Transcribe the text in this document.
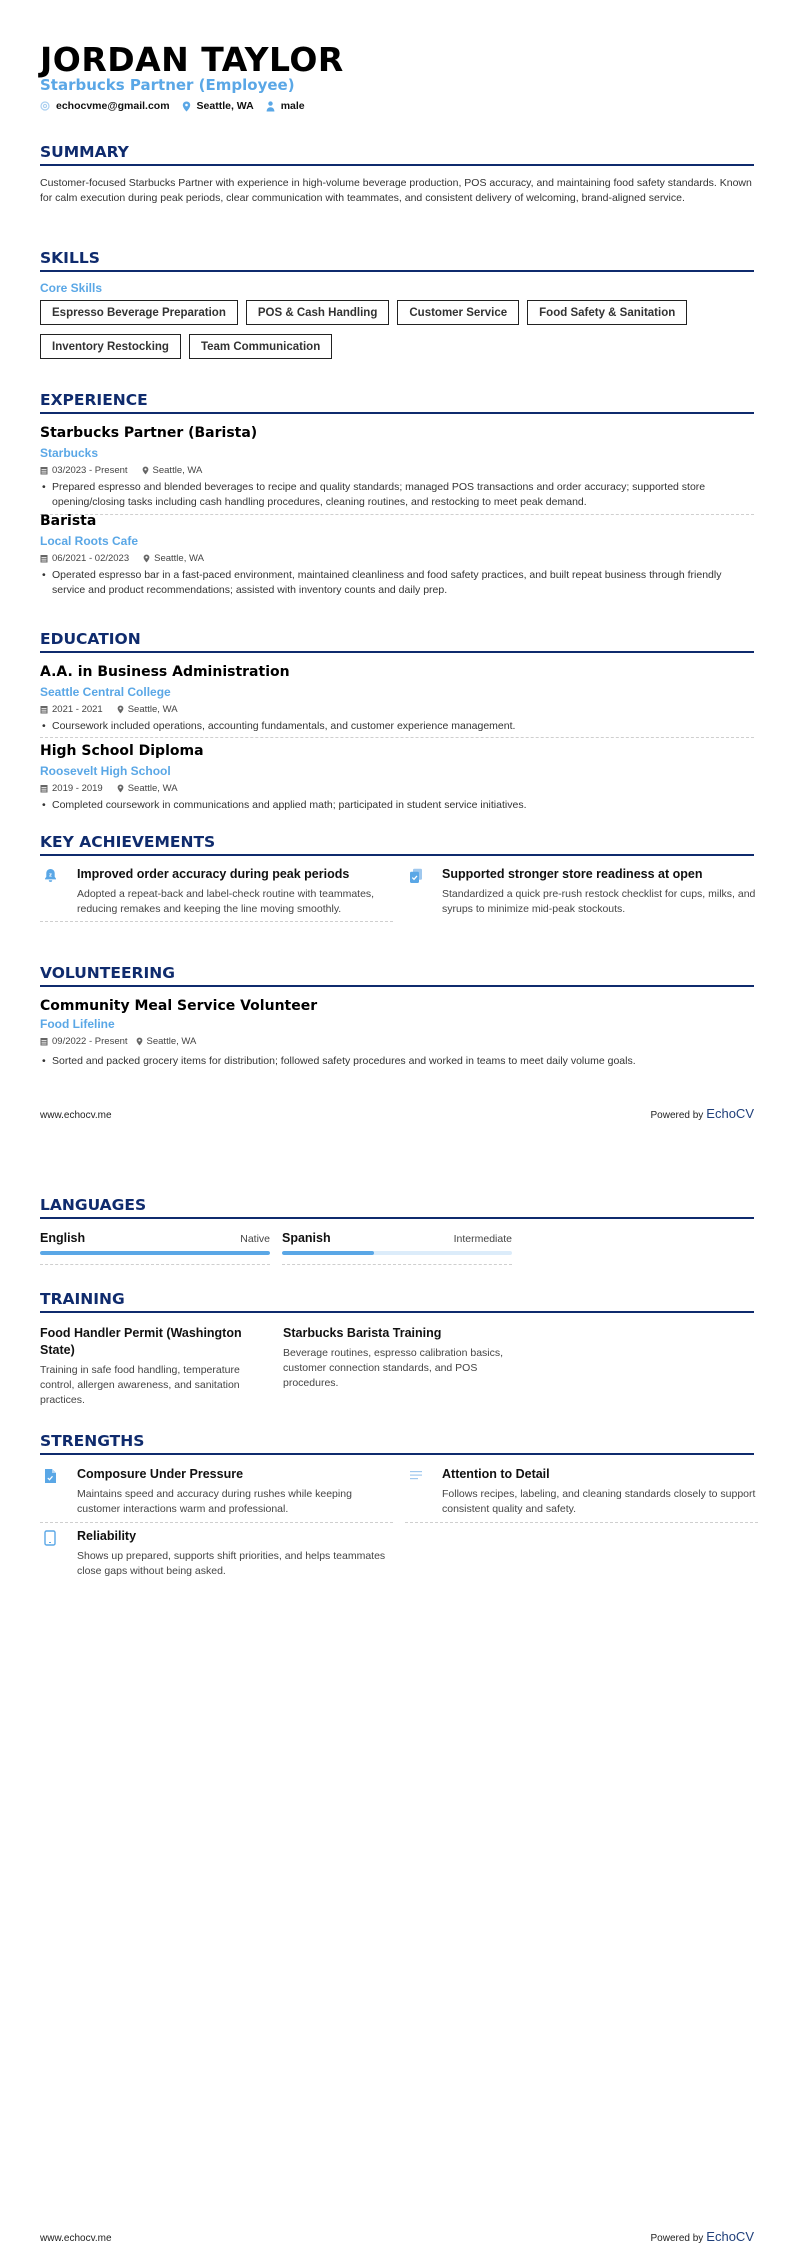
JORDAN TAYLOR
Starbucks Partner (Employee)
echocvme@gmail.com	Seattle, WA	male
SUMMARY
Customer-focused Starbucks Partner with experience in high-volume beverage production, POS accuracy, and maintaining food safety standards. Known for calm execution during peak periods, clear communication with teammates, and consistent delivery of welcoming, brand-aligned service.
SKILLS
Core Skills
Espresso Beverage Preparation	POS & Cash Handling	Customer Service	Food Safety & Sanitation
Inventory Restocking	Team Communication
EXPERIENCE
Starbucks Partner (Barista)
Starbucks
03/2023 - Present	Seattle, WA
• Prepared espresso and blended beverages to recipe and quality standards; managed POS transactions and order accuracy; supported store opening/closing tasks including cash handling procedures, cleaning routines, and restocking to meet peak demand.
Barista
Local Roots Cafe
06/2021 - 02/2023	Seattle, WA
• Operated espresso bar in a fast-paced environment, maintained cleanliness and food safety practices, and built repeat business through friendly service and product recommendations; assisted with inventory counts and daily prep.
EDUCATION
A.A. in Business Administration
Seattle Central College
2021 - 2021	Seattle, WA
• Coursework included operations, accounting fundamentals, and customer experience management.
High School Diploma
Roosevelt High School
2019 - 2019	Seattle, WA
• Completed coursework in communications and applied math; participated in student service initiatives.
KEY ACHIEVEMENTS
z Improved order accuracy during peak periods
Adopted a repeat-back and label-check routine with teammates, reducing remakes and keeping the line moving smoothly.
Supported stronger store readiness at open
Standardized a quick pre-rush restock checklist for cups, milks, and syrups to minimize mid-peak stockouts.
VOLUNTEERING
Community Meal Service Volunteer
Food Lifeline
09/2022 - Present Seattle, WA
• Sorted and packed grocery items for distribution; followed safety procedures and worked in teams to meet daily volume goals.
www.echocv.me	Powered by EchoCV
LANGUAGES
English	Native Spanish	Intermediate
TRAINING
Food Handler Permit (Washington State)
Training in safe food handling, temperature control, allergen awareness, and sanitation practices.
Starbucks Barista Training
Beverage routines, espresso calibration basics, customer connection standards, and POS procedures.
STRENGTHS
Composure Under Pressure
Maintains speed and accuracy during rushes while keeping customer interactions warm and professional.
Attention to Detail
Follows recipes, labeling, and cleaning standards closely to support consistent quality and safety.
Reliability
Shows up prepared, supports shift priorities, and helps teammates close gaps without being asked.
www.echocv.me	Powered by EchoCV
